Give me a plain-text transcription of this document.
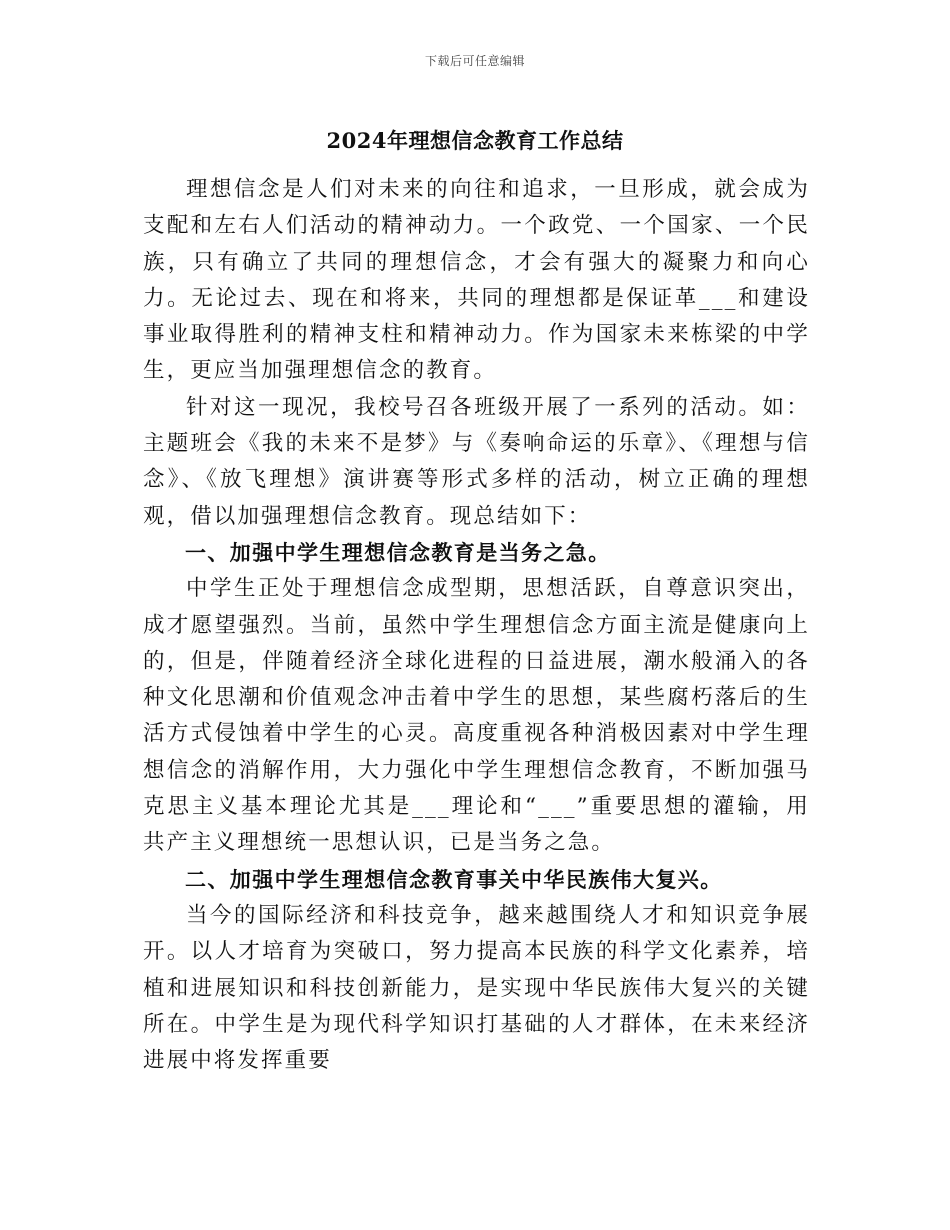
下载后可任意编辑
2024年理想信念教育工作总结

理想信念是人们对未来的向往和追求，一旦形成，就会成为支配和左右人们活动的精神动力。一个政党、一个国家、一个民族，只有确立了共同的理想信念，才会有强大的凝聚力和向心力。无论过去、现在和将来，共同的理想都是保证革___和建设事业取得胜利的精神支柱和精神动力。作为国家未来栋梁的中学生，更应当加强理想信念的教育。

针对这一现况，我校号召各班级开展了一系列的活动。如：主题班会《我的未来不是梦》与《奏响命运的乐章》、《理想与信念》、《放飞理想》演讲赛等形式多样的活动，树立正确的理想观，借以加强理想信念教育。现总结如下：

一、加强中学生理想信念教育是当务之急。

中学生正处于理想信念成型期，思想活跃，自尊意识突出，成才愿望强烈。当前，虽然中学生理想信念方面主流是健康向上的，但是，伴随着经济全球化进程的日益进展，潮水般涌入的各种文化思潮和价值观念冲击着中学生的思想，某些腐朽落后的生活方式侵蚀着中学生的心灵。高度重视各种消极因素对中学生理想信念的消解作用，大力强化中学生理想信念教育，不断加强马克思主义基本理论尤其是___理论和“___”重要思想的灌输，用共产主义理想统一思想认识，已是当务之急。

二、加强中学生理想信念教育事关中华民族伟大复兴。

当今的国际经济和科技竞争，越来越围绕人才和知识竞争展开。以人才培育为突破口，努力提高本民族的科学文化素养，培植和进展知识和科技创新能力，是实现中华民族伟大复兴的关键所在。中学生是为现代科学知识打基础的人才群体，在未来经济进展中将发挥重要
